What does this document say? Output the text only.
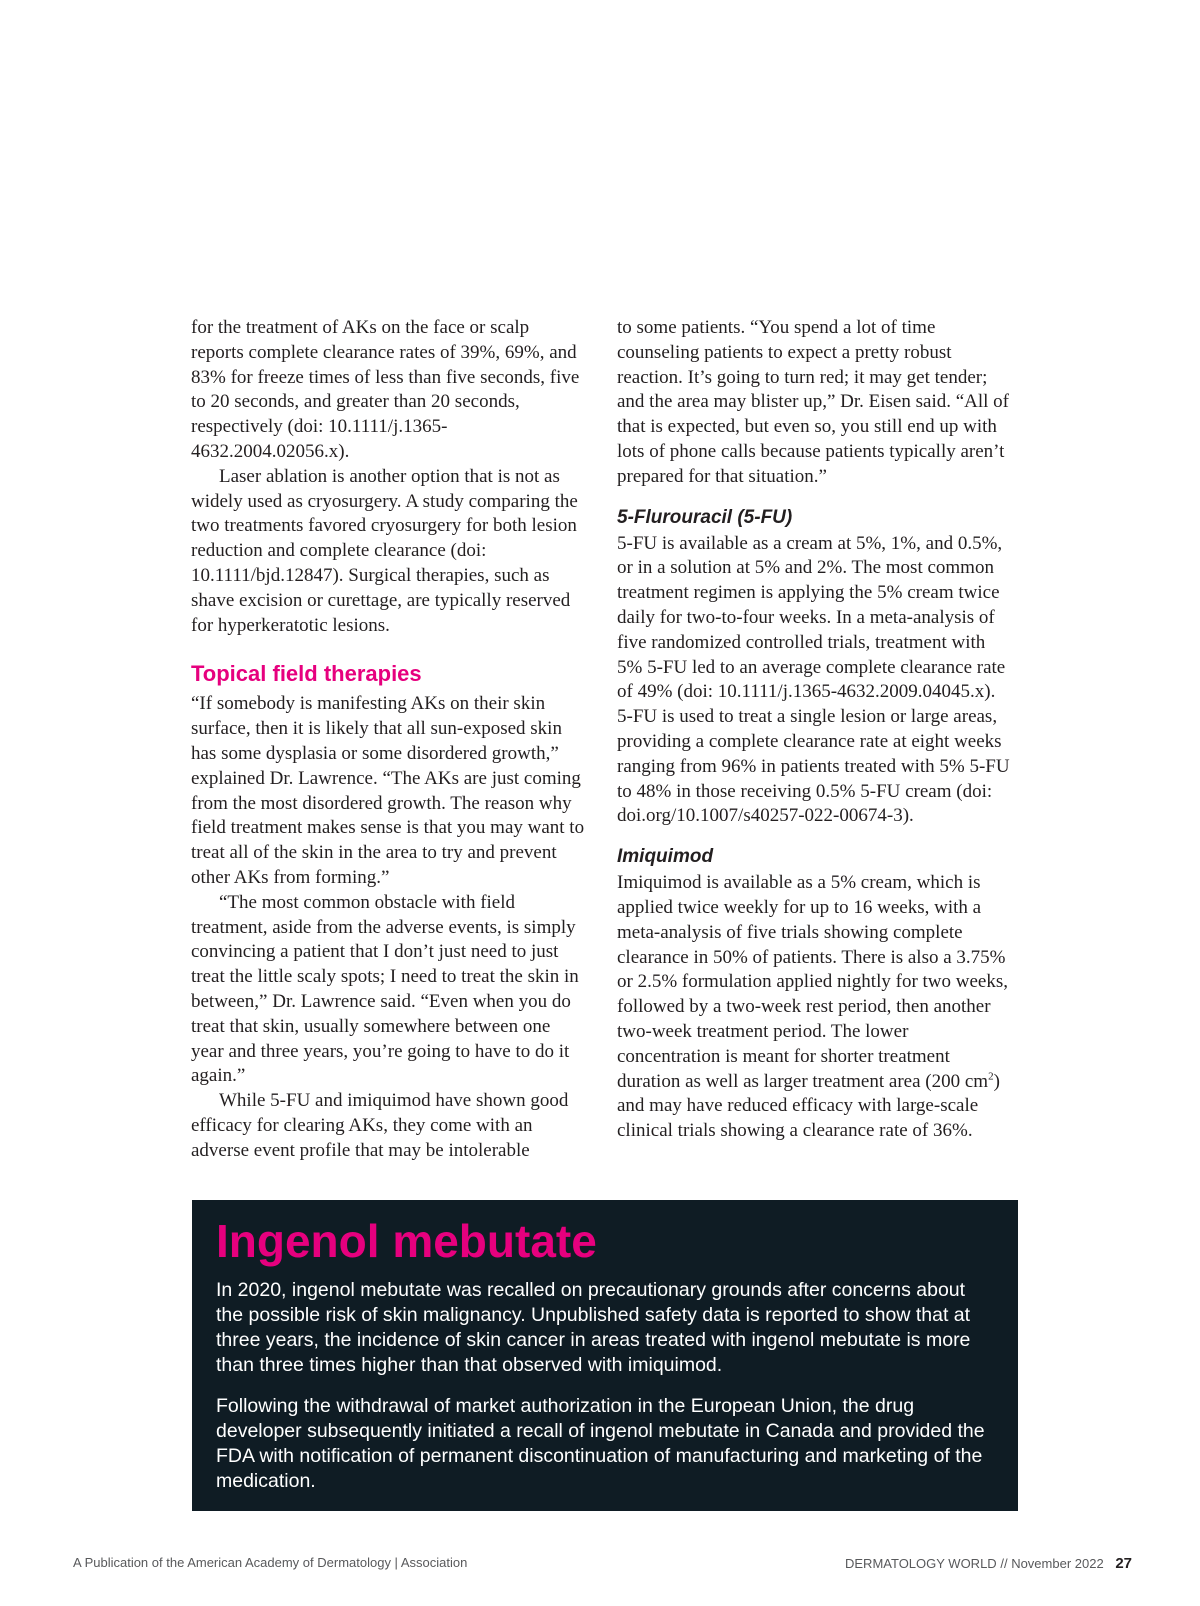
for the treatment of AKs on the face or scalp reports complete clearance rates of 39%, 69%, and 83% for freeze times of less than five seconds, five to 20 seconds, and greater than 20 seconds, respectively (doi: 10.1111/j.1365-4632.2004.02056.x).

Laser ablation is another option that is not as widely used as cryosurgery. A study comparing the two treatments favored cryosurgery for both lesion reduction and complete clearance (doi: 10.1111/bjd.12847). Surgical therapies, such as shave excision or curettage, are typically reserved for hyperkeratotic lesions.

Topical field therapies

“If somebody is manifesting AKs on their skin surface, then it is likely that all sun-exposed skin has some dysplasia or some disordered growth,” explained Dr. Lawrence. “The AKs are just coming from the most disordered growth. The reason why field treatment makes sense is that you may want to treat all of the skin in the area to try and prevent other AKs from forming.”

“The most common obstacle with field treatment, aside from the adverse events, is simply convincing a patient that I don’t just need to just treat the little scaly spots; I need to treat the skin in between,” Dr. Lawrence said. “Even when you do treat that skin, usually somewhere between one year and three years, you’re going to have to do it again.”

While 5-FU and imiquimod have shown good efficacy for clearing AKs, they come with an adverse event profile that may be intolerable

to some patients. “You spend a lot of time counseling patients to expect a pretty robust reaction. It’s going to turn red; it may get tender; and the area may blister up,” Dr. Eisen said. “All of that is expected, but even so, you still end up with lots of phone calls because patients typically aren’t prepared for that situation.”

5-Flurouracil (5-FU)

5-FU is available as a cream at 5%, 1%, and 0.5%, or in a solution at 5% and 2%. The most common treatment regimen is applying the 5% cream twice daily for two-to-four weeks. In a meta-analysis of five randomized controlled trials, treatment with 5% 5-FU led to an average complete clearance rate of 49% (doi: 10.1111/j.1365-4632.2009.04045.x). 5-FU is used to treat a single lesion or large areas, providing a complete clearance rate at eight weeks ranging from 96% in patients treated with 5% 5-FU to 48% in those receiving 0.5% 5-FU cream (doi: doi.org/10.1007/s40257-022-00674-3).

Imiquimod

Imiquimod is available as a 5% cream, which is applied twice weekly for up to 16 weeks, with a meta-analysis of five trials showing complete clearance in 50% of patients. There is also a 3.75% or 2.5% formulation applied nightly for two weeks, followed by a two-week rest period, then another two-week treatment period. The lower concentration is meant for shorter treatment duration as well as larger treatment area (200 $cm^2$) and may have reduced efficacy with large-scale clinical trials showing a clearance rate of 36%.

Ingenol mebutate

In 2020, ingenol mebutate was recalled on precautionary grounds after concerns about the possible risk of skin malignancy. Unpublished safety data is reported to show that at three years, the incidence of skin cancer in areas treated with ingenol mebutate is more than three times higher than that observed with imiquimod.

Following the withdrawal of market authorization in the European Union, the drug developer subsequently initiated a recall of ingenol mebutate in Canada and provided the FDA with notification of permanent discontinuation of manufacturing and marketing of the medication.

A Publication of the American Academy of Dermatology | Association	DERMATOLOGY WORLD // November 2022 27
